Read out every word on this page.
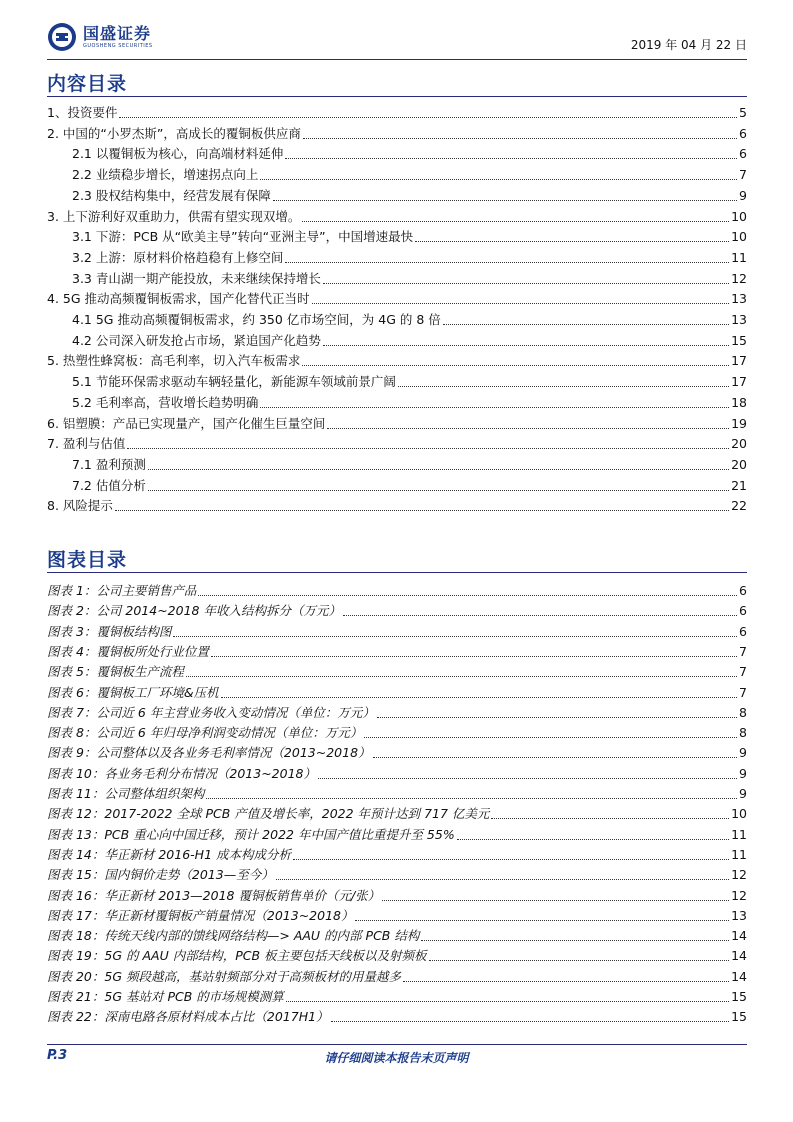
国盛证券
GUOSHENG SECURITIES	2019 年 04 月 22 日
内容目录
1、投资要件	5
2. 中国的“小罗杰斯”，高成长的覆铜板供应商	6
2.1 以覆铜板为核心，向高端材料延伸	6
2.2 业绩稳步增长，增速拐点向上	7
2.3 股权结构集中，经营发展有保障	9
3. 上下游利好双重助力，供需有望实现双增。	10
3.1 下游：PCB 从“欧美主导”转向“亚洲主导”，中国增速最快	10
3.2 上游：原材料价格趋稳有上修空间	11
3.3 青山湖一期产能投放，未来继续保持增长	12
4. 5G 推动高频覆铜板需求，国产化替代正当时	13
4.1 5G 推动高频覆铜板需求，约 350 亿市场空间，为 4G 的 8 倍	13
4.2 公司深入研发抢占市场，紧追国产化趋势	15
5. 热塑性蜂窝板：高毛利率，切入汽车板需求	17
5.1 节能环保需求驱动车辆轻量化，新能源车领域前景广阔	17
5.2 毛利率高，营收增长趋势明确	18
6. 铝塑膜：产品已实现量产，国产化催生巨量空间	19
7. 盈利与估值	20
7.1 盈利预测	20
7.2 估值分析	21
8. 风险提示	22
图表目录
图表 1：公司主要销售产品	6
图表 2：公司 2014~2018 年收入结构拆分（万元）	6
图表 3：覆铜板结构图	6
图表 4：覆铜板所处行业位置	7
图表 5：覆铜板生产流程	7
图表 6：覆铜板工厂环境&压机	7
图表 7：公司近 6 年主营业务收入变动情况（单位：万元）	8
图表 8：公司近 6 年归母净利润变动情况（单位：万元）	8
图表 9：公司整体以及各业务毛利率情况（2013~2018）	9
图表 10：各业务毛利分布情况（2013~2018）	9
图表 11：公司整体组织架构	9
图表 12：2017-2022 全球 PCB 产值及增长率，2022 年预计达到 717 亿美元	10
图表 13：PCB 重心向中国迁移，预计 2022 年中国产值比重提升至 55%	11
图表 14：华正新材 2016-H1 成本构成分析	11
图表 15：国内铜价走势（2013—至今）	12
图表 16：华正新材 2013—2018 覆铜板销售单价（元/张）	12
图表 17：华正新材覆铜板产销量情况（2013~2018）	13
图表 18：传统天线内部的馈线网络结构—> AAU 的内部 PCB 结构	14
图表 19：5G 的 AAU 内部结构，PCB 板主要包括天线板以及射频板	14
图表 20：5G 频段越高，基站射频部分对于高频板材的用量越多	14
图表 21：5G 基站对 PCB 的市场规模测算	15
图表 22：深南电路各原材料成本占比（2017H1）	15
P.3	请仔细阅读本报告末页声明
